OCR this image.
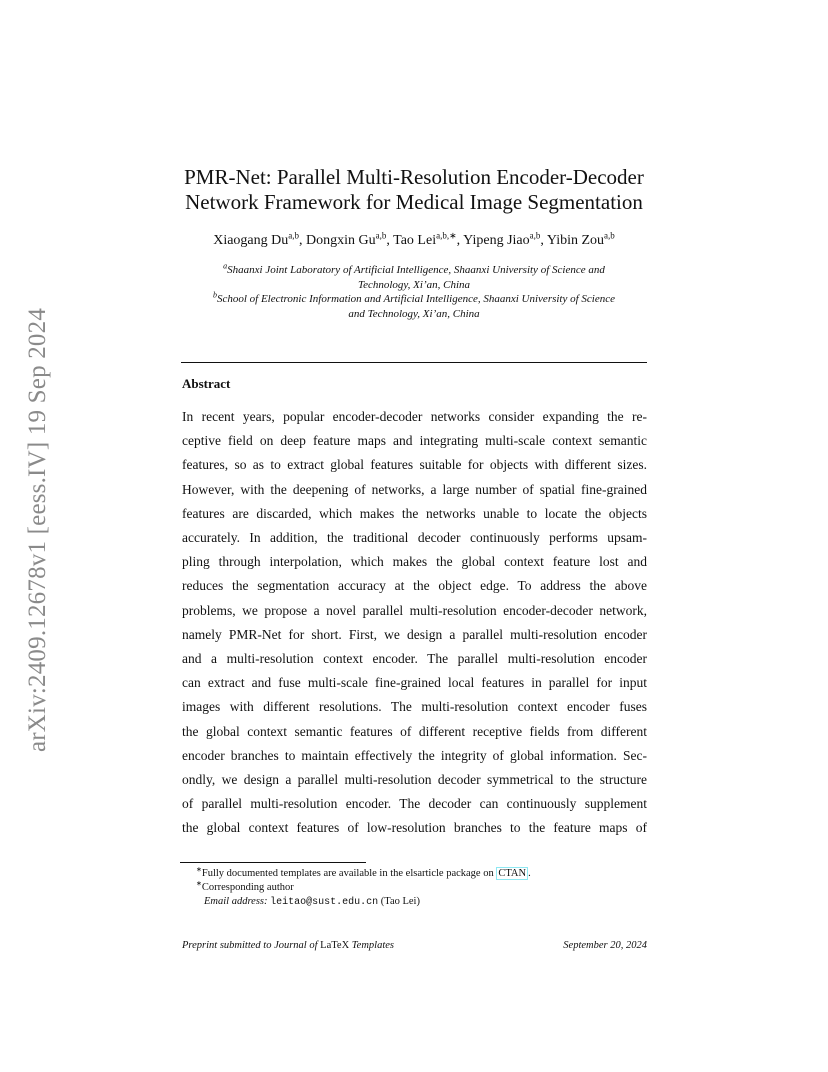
arXiv:2409.12678v1 [eess.IV] 19 Sep 2024
PMR-Net: Parallel Multi-Resolution Encoder-Decoder
Network Framework for Medical Image Segmentation
Xiaogang Du$^{a,b}$, Dongxin Gu$^{a,b}$, Tao Lei$^{a,b,∗}$, Yipeng Jiao$^{a,b}$, Yibin Zou$^{a,b}$
$^a$Shaanxi Joint Laboratory of Artificial Intelligence, Shaanxi University of Science and
Technology, Xi’an, China
$^b$School of Electronic Information and Artificial Intelligence, Shaanxi University of Science
and Technology, Xi’an, China
Abstract
In recent years, popular encoder-decoder networks consider expanding the re-
ceptive field on deep feature maps and integrating multi-scale context semantic
features, so as to extract global features suitable for objects with different sizes.
However, with the deepening of networks, a large number of spatial fine-grained
features are discarded, which makes the networks unable to locate the objects
accurately. In addition, the traditional decoder continuously performs upsam-
pling through interpolation, which makes the global context feature lost and
reduces the segmentation accuracy at the object edge. To address the above
problems, we propose a novel parallel multi-resolution encoder-decoder network,
namely PMR-Net for short. First, we design a parallel multi-resolution encoder
and a multi-resolution context encoder. The parallel multi-resolution encoder
can extract and fuse multi-scale fine-grained local features in parallel for input
images with different resolutions. The multi-resolution context encoder fuses
the global context semantic features of different receptive fields from different
encoder branches to maintain effectively the integrity of global information. Sec-
ondly, we design a parallel multi-resolution decoder symmetrical to the structure
of parallel multi-resolution encoder. The decoder can continuously supplement
the global context features of low-resolution branches to the feature maps of
∗Fully documented templates are available in the elsarticle package on CTAN .
∗Corresponding author
Email address: leitao@sust.edu.cn (Tao Lei)
Preprint submitted to Journal of LaTeX Templates	September 20, 2024
